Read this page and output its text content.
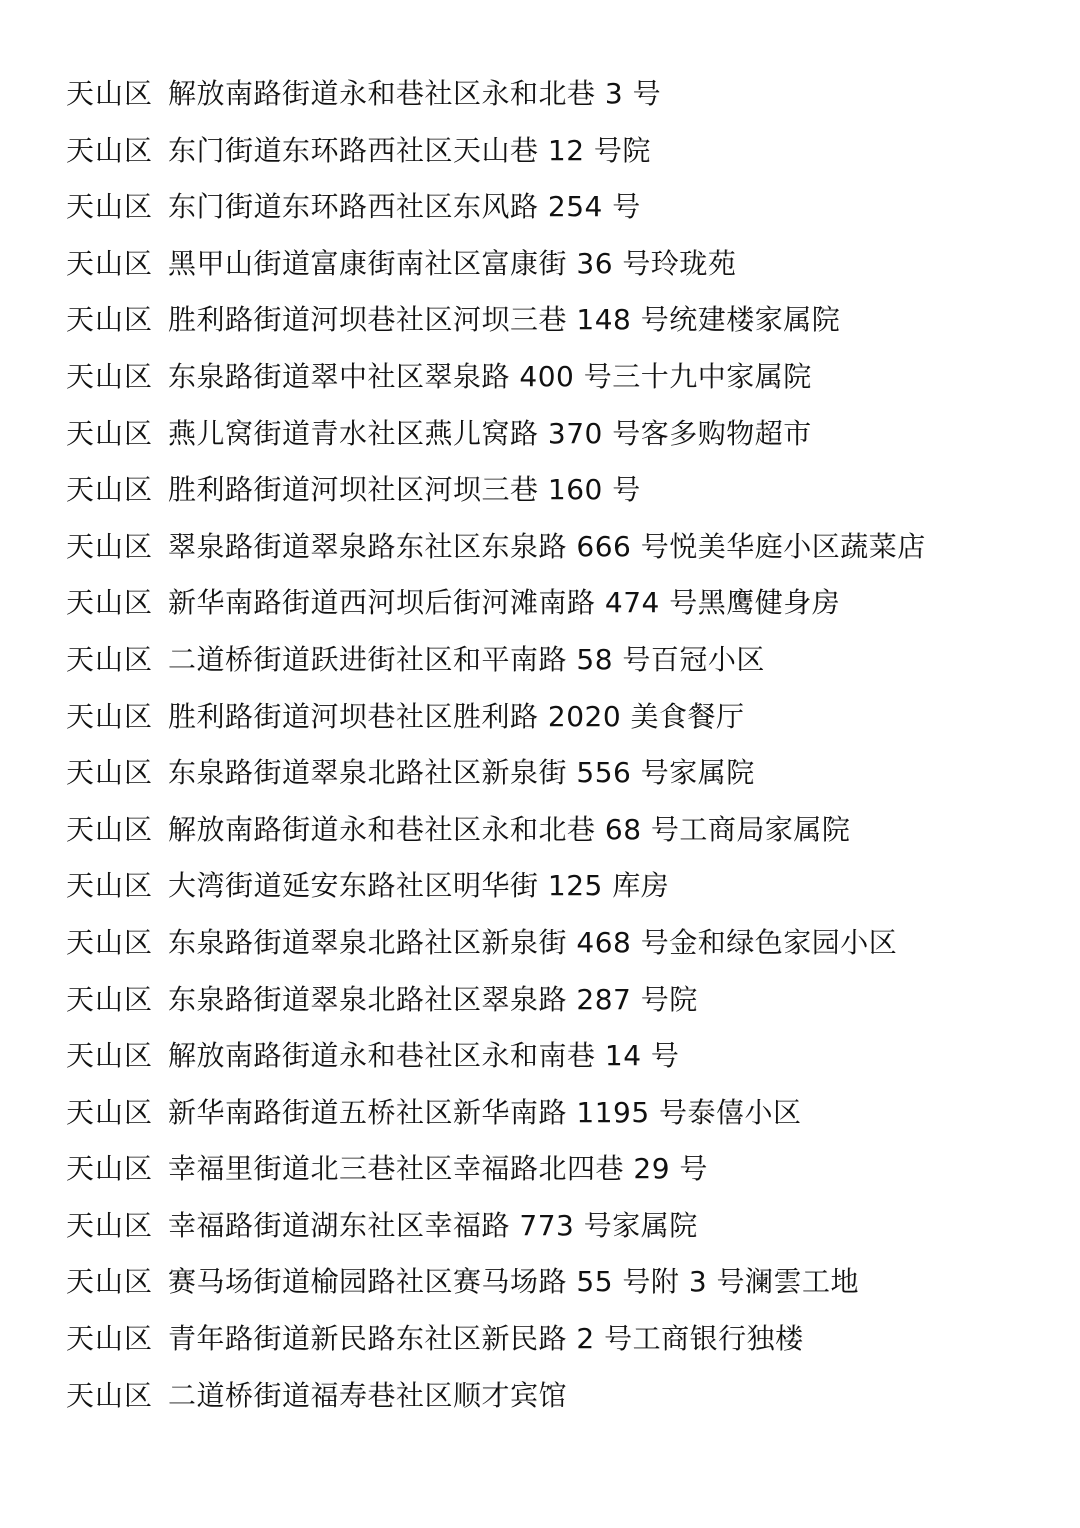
天山区 解放南路街道永和巷社区永和北巷 3 号
天山区 东门街道东环路西社区天山巷 12 号院
天山区 东门街道东环路西社区东风路 254 号
天山区 黑甲山街道富康街南社区富康街 36 号玲珑苑
天山区 胜利路街道河坝巷社区河坝三巷 148 号统建楼家属院
天山区 东泉路街道翠中社区翠泉路 400 号三十九中家属院
天山区 燕儿窝街道青水社区燕儿窝路 370 号客多购物超市
天山区 胜利路街道河坝社区河坝三巷 160 号
天山区 翠泉路街道翠泉路东社区东泉路 666 号悦美华庭小区蔬菜店
天山区 新华南路街道西河坝后街河滩南路 474 号黑鹰健身房
天山区 二道桥街道跃进街社区和平南路 58 号百冠小区
天山区 胜利路街道河坝巷社区胜利路 2020 美食餐厅
天山区 东泉路街道翠泉北路社区新泉街 556 号家属院
天山区 解放南路街道永和巷社区永和北巷 68 号工商局家属院
天山区 大湾街道延安东路社区明华街 125 库房
天山区 东泉路街道翠泉北路社区新泉街 468 号金和绿色家园小区
天山区 东泉路街道翠泉北路社区翠泉路 287 号院
天山区 解放南路街道永和巷社区永和南巷 14 号
天山区 新华南路街道五桥社区新华南路 1195 号泰僖小区
天山区 幸福里街道北三巷社区幸福路北四巷 29 号
天山区 幸福路街道湖东社区幸福路 773 号家属院
天山区 赛马场街道榆园路社区赛马场路 55 号附 3 号澜雲工地
天山区 青年路街道新民路东社区新民路 2 号工商银行独楼
天山区 二道桥街道福寿巷社区顺才宾馆
